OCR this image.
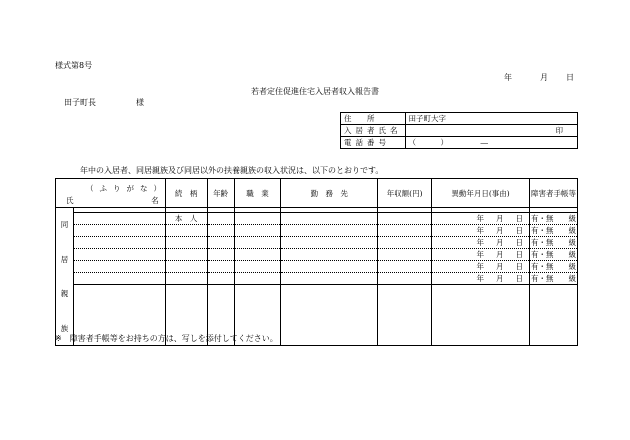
様式第8号
年	月 日
若者定住促進住宅入居者収入報告書
田子町長	様
住　所	田子町大字
入居者氏名	印

電話番号	（ ） ―
年中の入居者、同居親族及び同居以外の扶養親族の収入状況は、以下のとおりです。
（ふりがな）
氏 名		続　柄	年齢	職　業	勤　務　先	年収額(円)	異動年月日(事由)	障害者手帳等

同
居
親
族								

		本　人					年 月 日	有・無　　級
							年 月 日	有・無　　級
							年 月 日	有・無　　級
							年 月 日	有・無　　級
							年 月 日	有・無　　級
							年 月 日	有・無　　級

※ 障害者手帳等をお持ちの方は、写しを添付してください。
